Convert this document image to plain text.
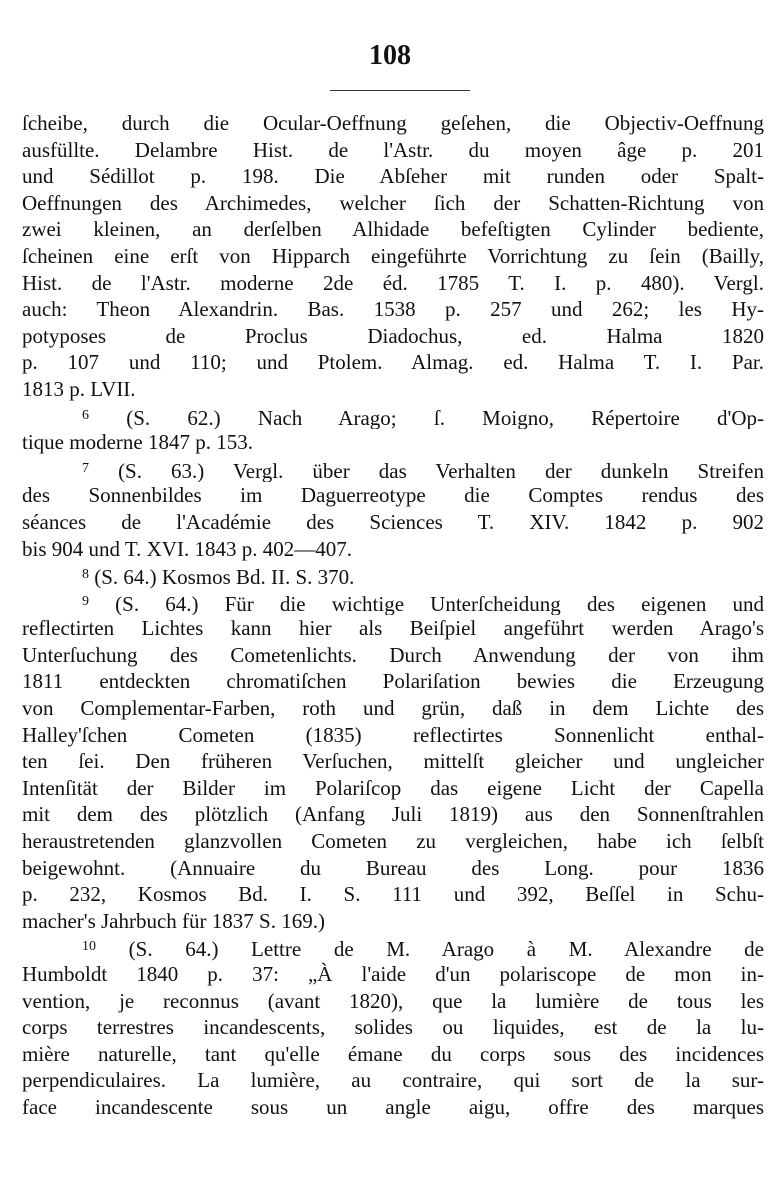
108
ſcheibe, durch die Ocular-Oeffnung geſehen, die Objectiv-Oeffnung
ausfüllte. Delambre Hist. de l'Astr. du moyen âge p. 201
und Sédillot p. 198. Die Abſeher mit runden oder Spalt-
Oeffnungen des Archimedes, welcher ſich der Schatten-Richtung von
zwei kleinen, an derſelben Alhidade befeſtigten Cylinder bediente,
ſcheinen eine erſt von Hipparch eingeführte Vorrichtung zu ſein (Bailly,
Hist. de l'Astr. moderne 2de éd. 1785 T. I. p. 480). Vergl.
auch: Theon Alexandrin. Bas. 1538 p. 257 und 262; les Hy-
potyposes de Proclus Diadochus, ed. Halma 1820
p. 107 und 110; und Ptolem. Almag. ed. Halma T. I. Par.
1813 p. LVII.
$^6$ (S. 62.) Nach Arago; ſ. Moigno, Répertoire d'Op-
tique moderne 1847 p. 153.
$^7$ (S. 63.) Vergl. über das Verhalten der dunkeln Streifen
des Sonnenbildes im Daguerreotype die Comptes rendus des
séances de l'Académie des Sciences T. XIV. 1842 p. 902
bis 904 und T. XVI. 1843 p. 402—407.
$^8$ (S. 64.) Kosmos Bd. II. S. 370.
$^9$ (S. 64.) Für die wichtige Unterſcheidung des eigenen und
reflectirten Lichtes kann hier als Beiſpiel angeführt werden Arago's
Unterſuchung des Cometenlichts. Durch Anwendung der von ihm
1811 entdeckten chromatiſchen Polariſation bewies die Erzeugung
von Complementar-Farben, roth und grün, daß in dem Lichte des
Halley'ſchen Cometen (1835) reflectirtes Sonnenlicht enthal-
ten ſei. Den früheren Verſuchen, mittelſt gleicher und ungleicher
Intenſität der Bilder im Polariſcop das eigene Licht der Capella
mit dem des plötzlich (Anfang Juli 1819) aus den Sonnenſtrahlen
heraustretenden glanzvollen Cometen zu vergleichen, habe ich ſelbſt
beigewohnt. (Annuaire du Bureau des Long. pour 1836
p. 232, Kosmos Bd. I. S. 111 und 392, Beſſel in Schu-
macher's Jahrbuch für 1837 S. 169.)
$^{10}$ (S. 64.) Lettre de M. Arago à M. Alexandre de
Humboldt 1840 p. 37: „À l'aide d'un polariscope de mon in-
vention, je reconnus (avant 1820), que la lumière de tous les
corps terrestres incandescents, solides ou liquides, est de la lu-
mière naturelle, tant qu'elle émane du corps sous des incidences
perpendiculaires. La lumière, au contraire, qui sort de la sur-
face incandescente sous un angle aigu, offre des marques
